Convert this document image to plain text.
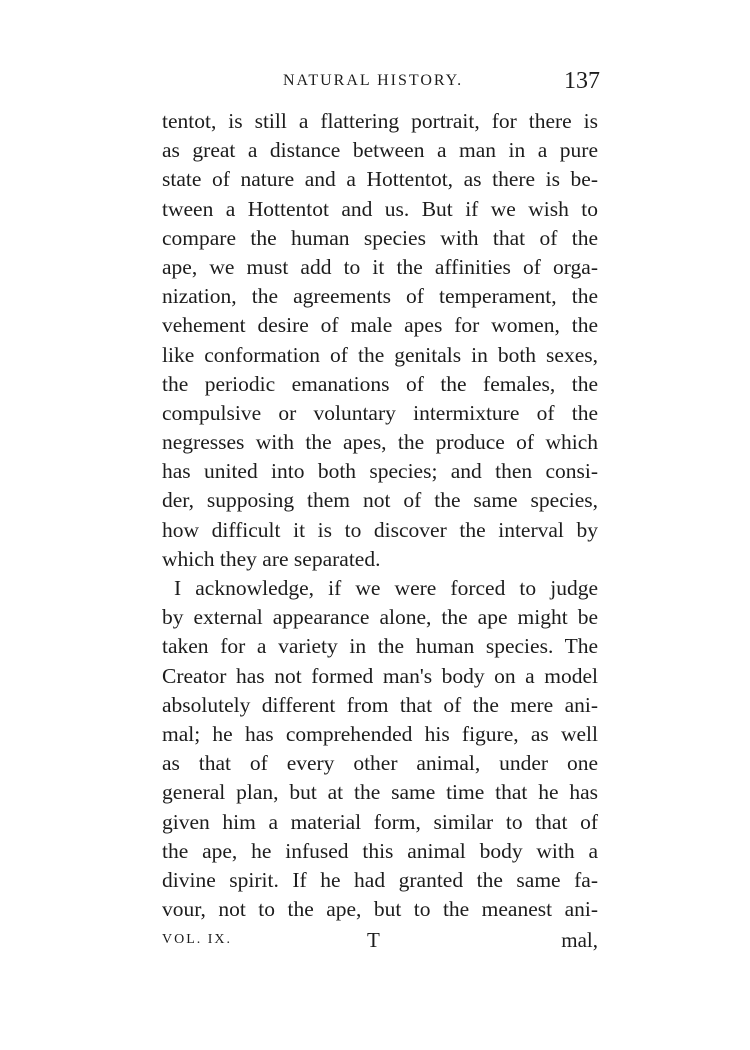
NATURAL HISTORY.	137
tentot, is still a flattering portrait, for there is
as great a distance between a man in a pure
state of nature and a Hottentot, as there is be-
tween a Hottentot and us. But if we wish to
compare the human species with that of the
ape, we must add to it the affinities of orga-
nization, the agreements of temperament, the
vehement desire of male apes for women, the
like conformation of the genitals in both sexes,
the periodic emanations of the females, the
compulsive or voluntary intermixture of the
negresses with the apes, the produce of which
has united into both species; and then consi-
der, supposing them not of the same species,
how difficult it is to discover the interval by
which they are separated.
I acknowledge, if we were forced to judge
by external appearance alone, the ape might be
taken for a variety in the human species. The
Creator has not formed man's body on a model
absolutely different from that of the mere ani-
mal; he has comprehended his figure, as well
as that of every other animal, under one
general plan, but at the same time that he has
given him a material form, similar to that of
the ape, he infused this animal body with a
divine spirit. If he had granted the same fa-
vour, not to the ape, but to the meanest ani-
VOL. IX.	T	mal,
